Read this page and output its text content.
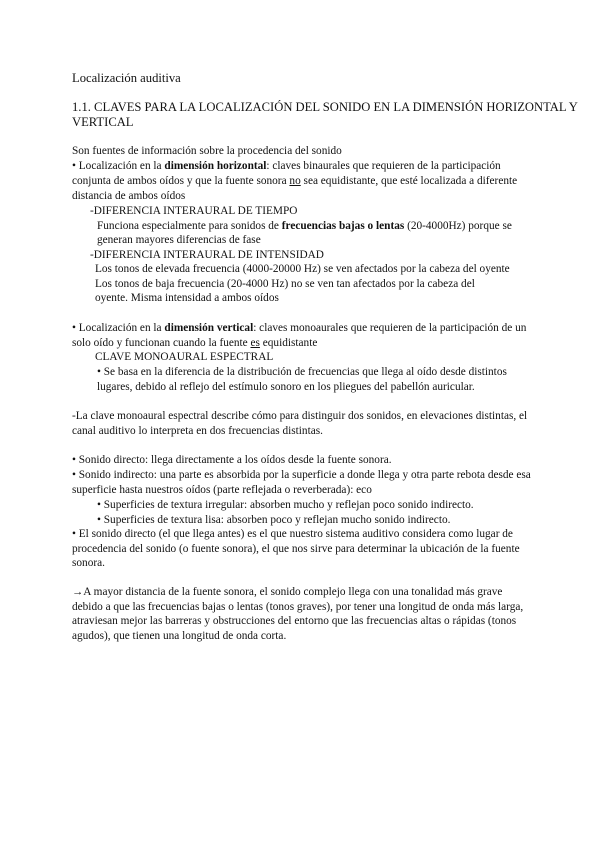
Localización auditiva
1.1. CLAVES PARA LA LOCALIZACIÓN DEL SONIDO EN LA DIMENSIÓN HORIZONTAL Y
VERTICAL
Son fuentes de información sobre la procedencia del sonido
• Localización en la dimensión horizontal: claves binaurales que requieren de la participación
conjunta de ambos oídos y que la fuente sonora no sea equidistante, que esté localizada a diferente
distancia de ambos oídos
-DIFERENCIA INTERAURAL DE TIEMPO
Funciona especialmente para sonidos de frecuencias bajas o lentas (20-4000Hz) porque se
generan mayores diferencias de fase
-DIFERENCIA INTERAURAL DE INTENSIDAD
Los tonos de elevada frecuencia (4000-20000 Hz) se ven afectados por la cabeza del oyente
Los tonos de baja frecuencia (20-4000 Hz) no se ven tan afectados por la cabeza del
oyente. Misma intensidad a ambos oídos
• Localización en la dimensión vertical: claves monoaurales que requieren de la participación de un
solo oído y funcionan cuando la fuente es equidistante
CLAVE MONOAURAL ESPECTRAL
• Se basa en la diferencia de la distribución de frecuencias que llega al oído desde distintos
lugares, debido al reflejo del estímulo sonoro en los pliegues del pabellón auricular.
-La clave monoaural espectral describe cómo para distinguir dos sonidos, en elevaciones distintas, el
canal auditivo lo interpreta en dos frecuencias distintas.
• Sonido directo: llega directamente a los oídos desde la fuente sonora.
• Sonido indirecto: una parte es absorbida por la superficie a donde llega y otra parte rebota desde esa
superficie hasta nuestros oídos (parte reflejada o reverberada): eco
• Superficies de textura irregular: absorben mucho y reflejan poco sonido indirecto.
• Superficies de textura lisa: absorben poco y reflejan mucho sonido indirecto.
• El sonido directo (el que llega antes) es el que nuestro sistema auditivo considera como lugar de
procedencia del sonido (o fuente sonora), el que nos sirve para determinar la ubicación de la fuente
sonora.
→A mayor distancia de la fuente sonora, el sonido complejo llega con una tonalidad más grave
debido a que las frecuencias bajas o lentas (tonos graves), por tener una longitud de onda más larga,
atraviesan mejor las barreras y obstrucciones del entorno que las frecuencias altas o rápidas (tonos
agudos), que tienen una longitud de onda corta.
